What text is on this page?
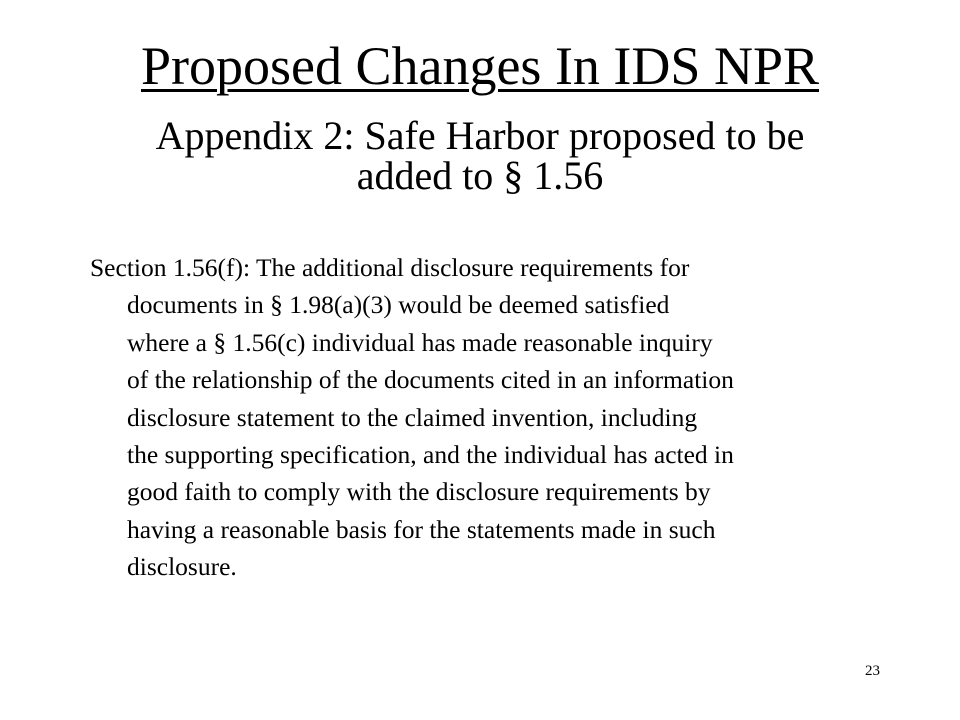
Proposed Changes In IDS NPR
Appendix 2: Safe Harbor proposed to be
added to § 1.56
Section 1.56(f): The additional disclosure requirements for
documents in § 1.98(a)(3) would be deemed satisfied
where a § 1.56(c) individual has made reasonable inquiry
of the relationship of the documents cited in an information
disclosure statement to the claimed invention, including
the supporting specification, and the individual has acted in
good faith to comply with the disclosure requirements by
having a reasonable basis for the statements made in such
disclosure.
23
